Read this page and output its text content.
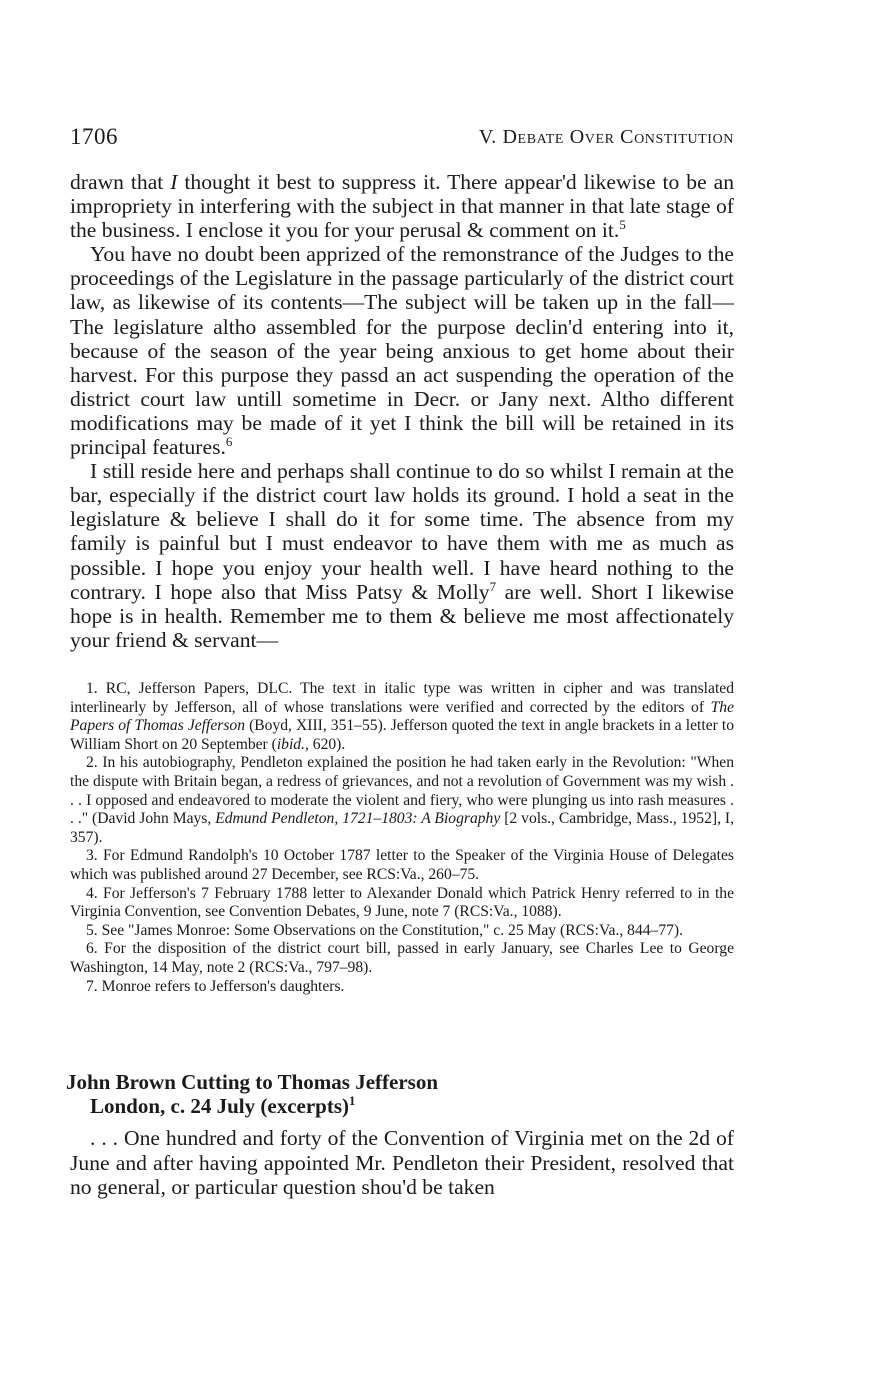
1706	V. Debate Over Constitution

drawn that I thought it best to suppress it. There appear'd likewise to be an impropriety in interfering with the subject in that manner in that late stage of the business. I enclose it you for your perusal & comment on it.$^5$

You have no doubt been apprized of the remonstrance of the Judges to the proceedings of the Legislature in the passage particularly of the district court law, as likewise of its contents—The subject will be taken up in the fall—The legislature altho assembled for the purpose declin'd entering into it, because of the season of the year being anxious to get home about their harvest. For this purpose they passd an act suspending the operation of the district court law untill sometime in Decr. or Jany next. Altho different modifications may be made of it yet I think the bill will be retained in its principal features.$^6$

I still reside here and perhaps shall continue to do so whilst I remain at the bar, especially if the district court law holds its ground. I hold a seat in the legislature & believe I shall do it for some time. The absence from my family is painful but I must endeavor to have them with me as much as possible. I hope you enjoy your health well. I have heard nothing to the contrary. I hope also that Miss Patsy & Molly$^7$ are well. Short I likewise hope is in health. Remember me to them & believe me most affectionately your friend & servant—

1. RC, Jefferson Papers, DLC. The text in italic type was written in cipher and was translated interlinearly by Jefferson, all of whose translations were verified and corrected by the editors of The Papers of Thomas Jefferson (Boyd, XIII, 351–55). Jefferson quoted the text in angle brackets in a letter to William Short on 20 September (ibid., 620).

2. In his autobiography, Pendleton explained the position he had taken early in the Revolution: "When the dispute with Britain began, a redress of grievances, and not a revolution of Government was my wish . . . I opposed and endeavored to moderate the violent and fiery, who were plunging us into rash measures . . ." (David John Mays, Edmund Pendleton, 1721–1803: A Biography [2 vols., Cambridge, Mass., 1952], I, 357).

3. For Edmund Randolph's 10 October 1787 letter to the Speaker of the Virginia House of Delegates which was published around 27 December, see RCS:Va., 260–75.

4. For Jefferson's 7 February 1788 letter to Alexander Donald which Patrick Henry referred to in the Virginia Convention, see Convention Debates, 9 June, note 7 (RCS:Va., 1088).

5. See "James Monroe: Some Observations on the Constitution," c. 25 May (RCS:Va., 844–77).

6. For the disposition of the district court bill, passed in early January, see Charles Lee to George Washington, 14 May, note 2 (RCS:Va., 797–98).

7. Monroe refers to Jefferson's daughters.

John Brown Cutting to Thomas Jefferson
London, c. 24 July (excerpts)$^1$

. . . One hundred and forty of the Convention of Virginia met on the 2d of June and after having appointed Mr. Pendleton their President, resolved that no general, or particular question shou'd be taken
